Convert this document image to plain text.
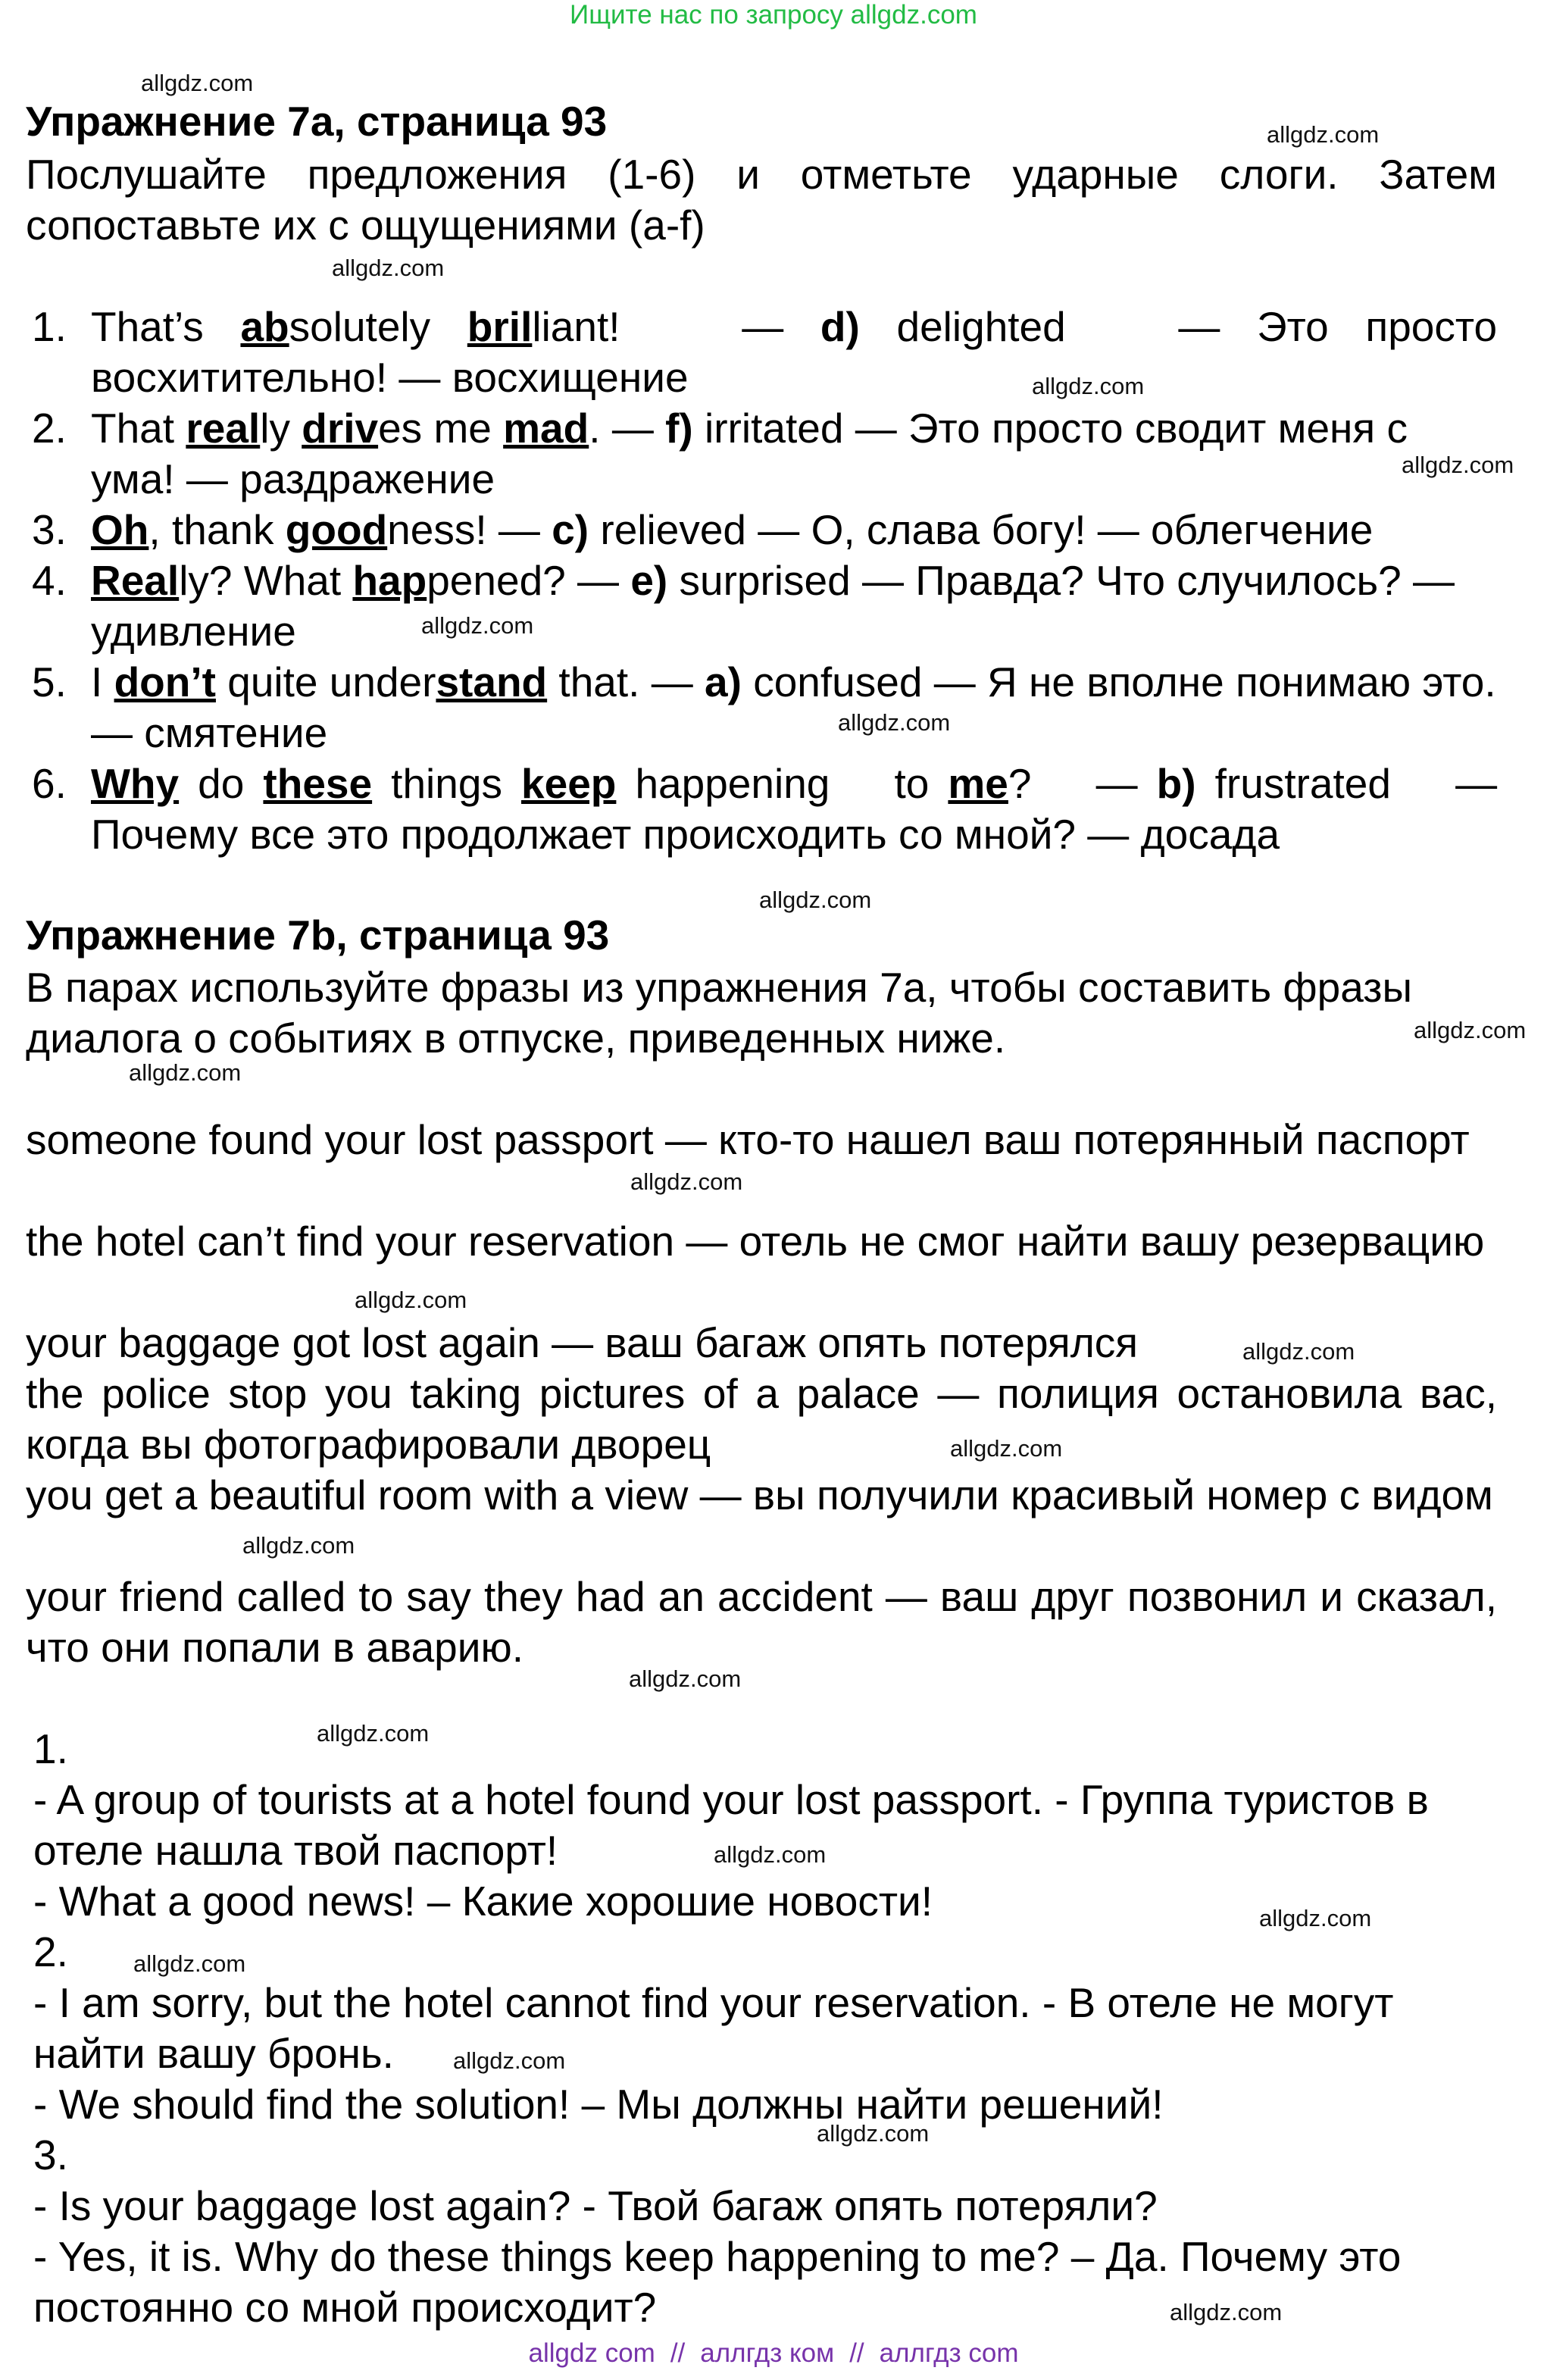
Ищите нас по запросу allgdz.com
allgdz.com
allgdz.com
allgdz.com
allgdz.com
allgdz.com
allgdz.com
allgdz.com
allgdz.com
allgdz.com
allgdz.com
allgdz.com
allgdz.com
allgdz.com
allgdz.com
allgdz.com
allgdz.com
allgdz.com
allgdz.com
allgdz.com
allgdz.com
allgdz.com
allgdz.com
allgdz.com
Упражнение 7a, страница 93
Послушайте предложения (1-6) и отметьте ударные слоги. Затем сопоставьте их с ощущениями (a-f)
1. That’s absolutely brilliant!	— d) delighted	— Это просто восхитительно! — восхищение
2. That really drives me mad. — f) irritated — Это просто сводит меня с ума! — раздражение
3. Oh, thank goodness! — c) relieved — О, слава богу! — облегчение
4. Really? What happened? — e) surprised — Правда? Что случилось? — удивление
5. I don’t quite understand that. — a) confused — Я не вполне понимаю это. — смятение
6. Why do these things keep happening to me? — b) frustrated — Почему все это продолжает происходить со мной? — досада
Упражнение 7b, страница 93
В парах используйте фразы из упражнения 7a, чтобы составить фразы диалога о событиях в отпуске, приведенных ниже.
someone found your lost passport — кто-то нашел ваш потерянный паспорт
the hotel can’t find your reservation — отель не смог найти вашу резервацию
your baggage got lost again — ваш багаж опять потерялся
the police stop you taking pictures of a palace — полиция остановила вас, когда вы фотографировали дворец
you get a beautiful room with a view — вы получили красивый номер с видом
your friend called to say they had an accident — ваш друг позвонил и сказал, что они попали в аварию.
1.
- A group of tourists at a hotel found your lost passport. - Группа туристов в отеле нашла твой паспорт!
- What a good news! – Какие хорошие новости!
2.
- I am sorry, but the hotel cannot find your reservation. - В отеле не могут найти вашу бронь.
- We should find the solution! – Мы должны найти решений!
3.
- Is your baggage lost again? - Твой багаж опять потеряли?
- Yes, it is. Why do these things keep happening to me? – Да. Почему это постоянно со мной происходит?
allgdz com // аллгдз ком // аллгдз com
